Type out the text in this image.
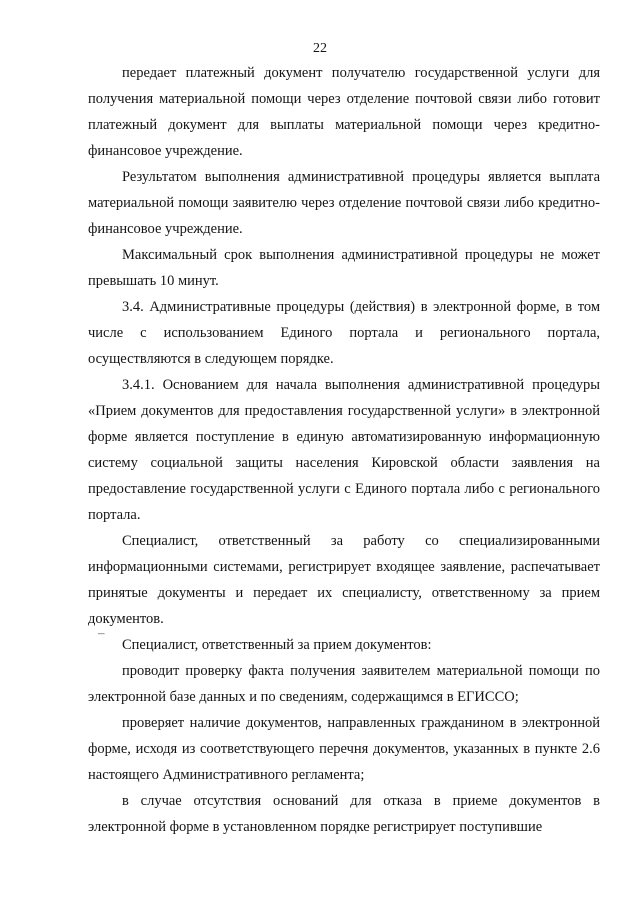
22

передает платежный документ получателю государственной услуги для получения материальной помощи через отделение почтовой связи либо готовит платежный документ для выплаты материальной помощи через кредитно-финансовое учреждение.

Результатом выполнения административной процедуры является выплата материальной помощи заявителю через отделение почтовой связи либо кредитно-финансовое учреждение.

Максимальный срок выполнения административной процедуры не может превышать 10 минут.

3.4. Административные процедуры (действия) в электронной форме, в том числе с использованием Единого портала и регионального портала, осуществляются в следующем порядке.

3.4.1. Основанием для начала выполнения административной процедуры «Прием документов для предоставления государственной услуги» в электронной форме является поступление в единую автоматизированную информационную систему социальной защиты населения Кировской области заявления на предоставление государственной услуги с Единого портала либо с регионального портала.

Специалист, ответственный за работу со специализированными информационными системами, регистрирует входящее заявление, распечатывает принятые документы и передает их специалисту, ответственному за прием документов.

Специалист, ответственный за прием документов:

проводит проверку факта получения заявителем материальной помощи по электронной базе данных и по сведениям, содержащимся в ЕГИССО;

проверяет наличие документов, направленных гражданином в электронной форме, исходя из соответствующего перечня документов, указанных в пункте 2.6 настоящего Административного регламента;

в случае отсутствия оснований для отказа в приеме документов в электронной форме в установленном порядке регистрирует поступившие

–
